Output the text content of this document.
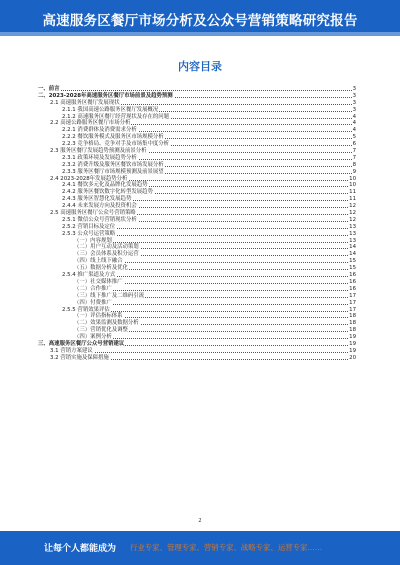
高速服务区餐厅市场分析及公众号营销策略研究报告
内容目录
一、前言	3
二、2023-2028年高速服务区餐厅市场前景及趋势预测	3
2.1 高速服务区餐厅发展现状	3
2.1.1 我国高速公路服务区餐厅发展概况	3
2.1.2 高速服务区餐厅经营现状及存在的问题	4
2.2 高速公路服务区餐厅市场分析	4
2.2.1 消费群体及消费需求分析	4
2.2.2 餐饮服务模式及服务区市场规模分析	5
2.2.3 竞争格局、竞争对手及市场集中度分析	6
2.3 服务区餐厅发展趋势预测及前景分析	7
2.3.1 政策环境及发展趋势分析	7
2.3.2 消费升级及服务区餐饮市场发展分析	8
2.3.3 服务区餐厅市场规模预测及前景展望	9
2.4 2023-2028年发展趋势分析	10
2.4.1 餐饮多元化及品牌化发展趋势	10
2.4.2 服务区餐饮数字化转型发展趋势	11
2.4.3 服务区智慧化发展趋势	11
2.4.4 未来发展方向及投资机会	12
2.5 高速服务区餐厅公众号营销策略	12
2.5.1 微信公众号营销现状分析	12
2.5.2 营销目标及定位	13
2.5.3 公众号运营策略	13
（一）内容规划	13
（二）用户互动及活动策划	14
（三）会员体系及积分运营	14
（四）线上线下融合	15
（五）数据分析及优化	15
2.5.4 推广渠道及方式	16
（一）社交媒体推广	16
（二）合作推广	16
（三）线下推广及二维码引流	17
（四）付费推广	17
2.5.5 营销效果评估	17
（一）评估指标体系	18
（二）效果监测及数据分析	18
（三）营销优化及调整	18
（四）案例分析	19
三、高速服务区餐厅公众号营销建议	19
3.1 营销方案建议	19
3.2 营销实施及保障措施	20
2
让每个人都能成为 行业专家、管理专家、营销专家、战略专家、运营专家……
